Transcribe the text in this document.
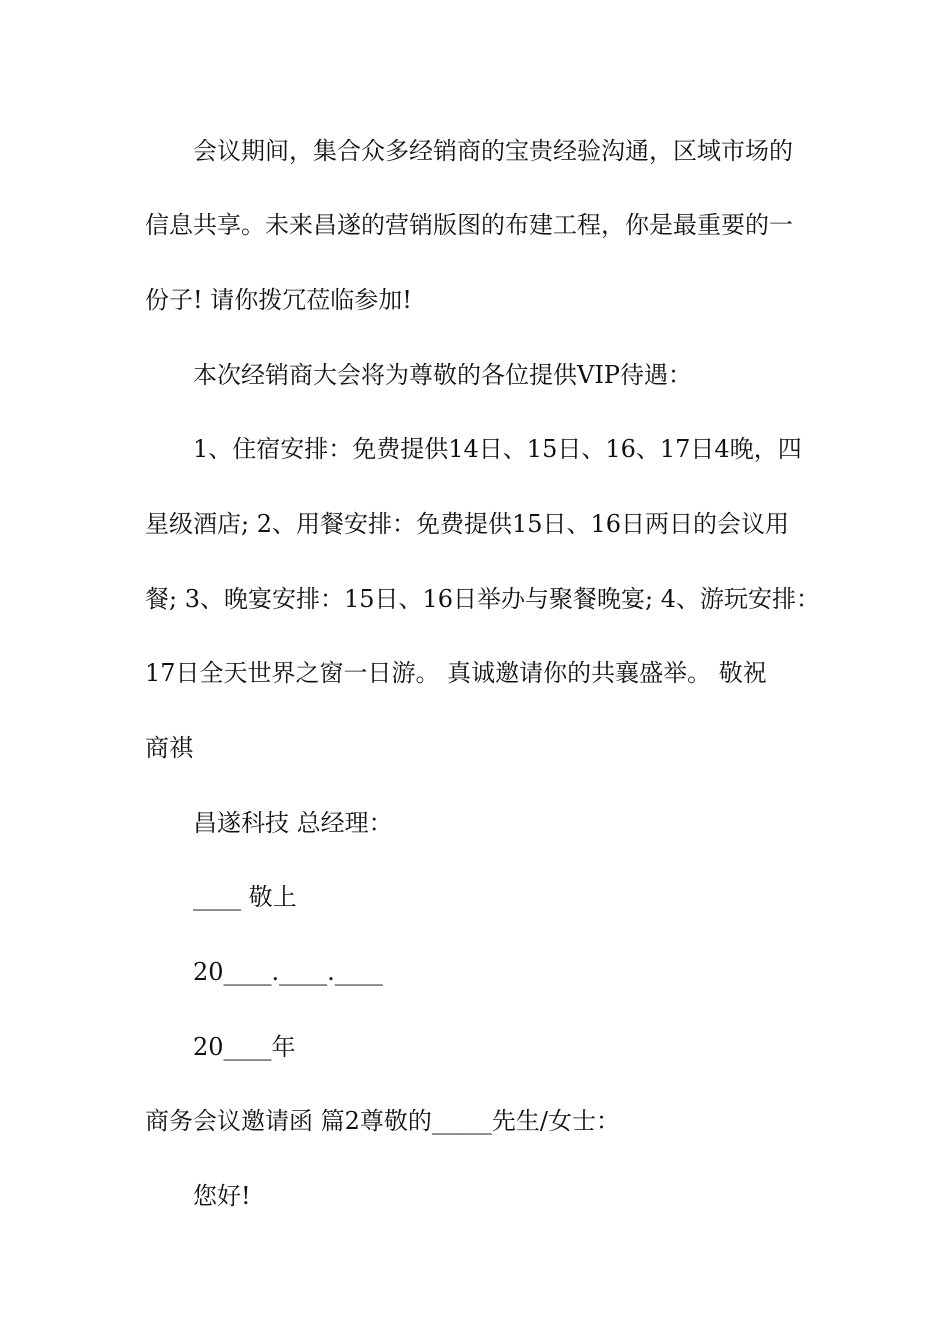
会议期间，集合众多经销商的宝贵经验沟通，区域市场的
信息共享。未来昌遂的营销版图的布建工程，你是最重要的一
份子! 请你拨冗莅临参加!
本次经销商大会将为尊敬的各位提供VIP待遇：
1、住宿安排：免费提供14日、15日、16、17日4晚，四
星级酒店; 2、用餐安排：免费提供15日、16日两日的会议用
餐; 3、晚宴安排：15日、16日举办与聚餐晚宴; 4、游玩安排：
17日全天世界之窗一日游。 真诚邀请你的共襄盛举。 敬祝
商祺
昌遂科技 总经理：
____ 敬上
20____.____.____
20____年
商务会议邀请函 篇2尊敬的_____先生/女士：
您好!
